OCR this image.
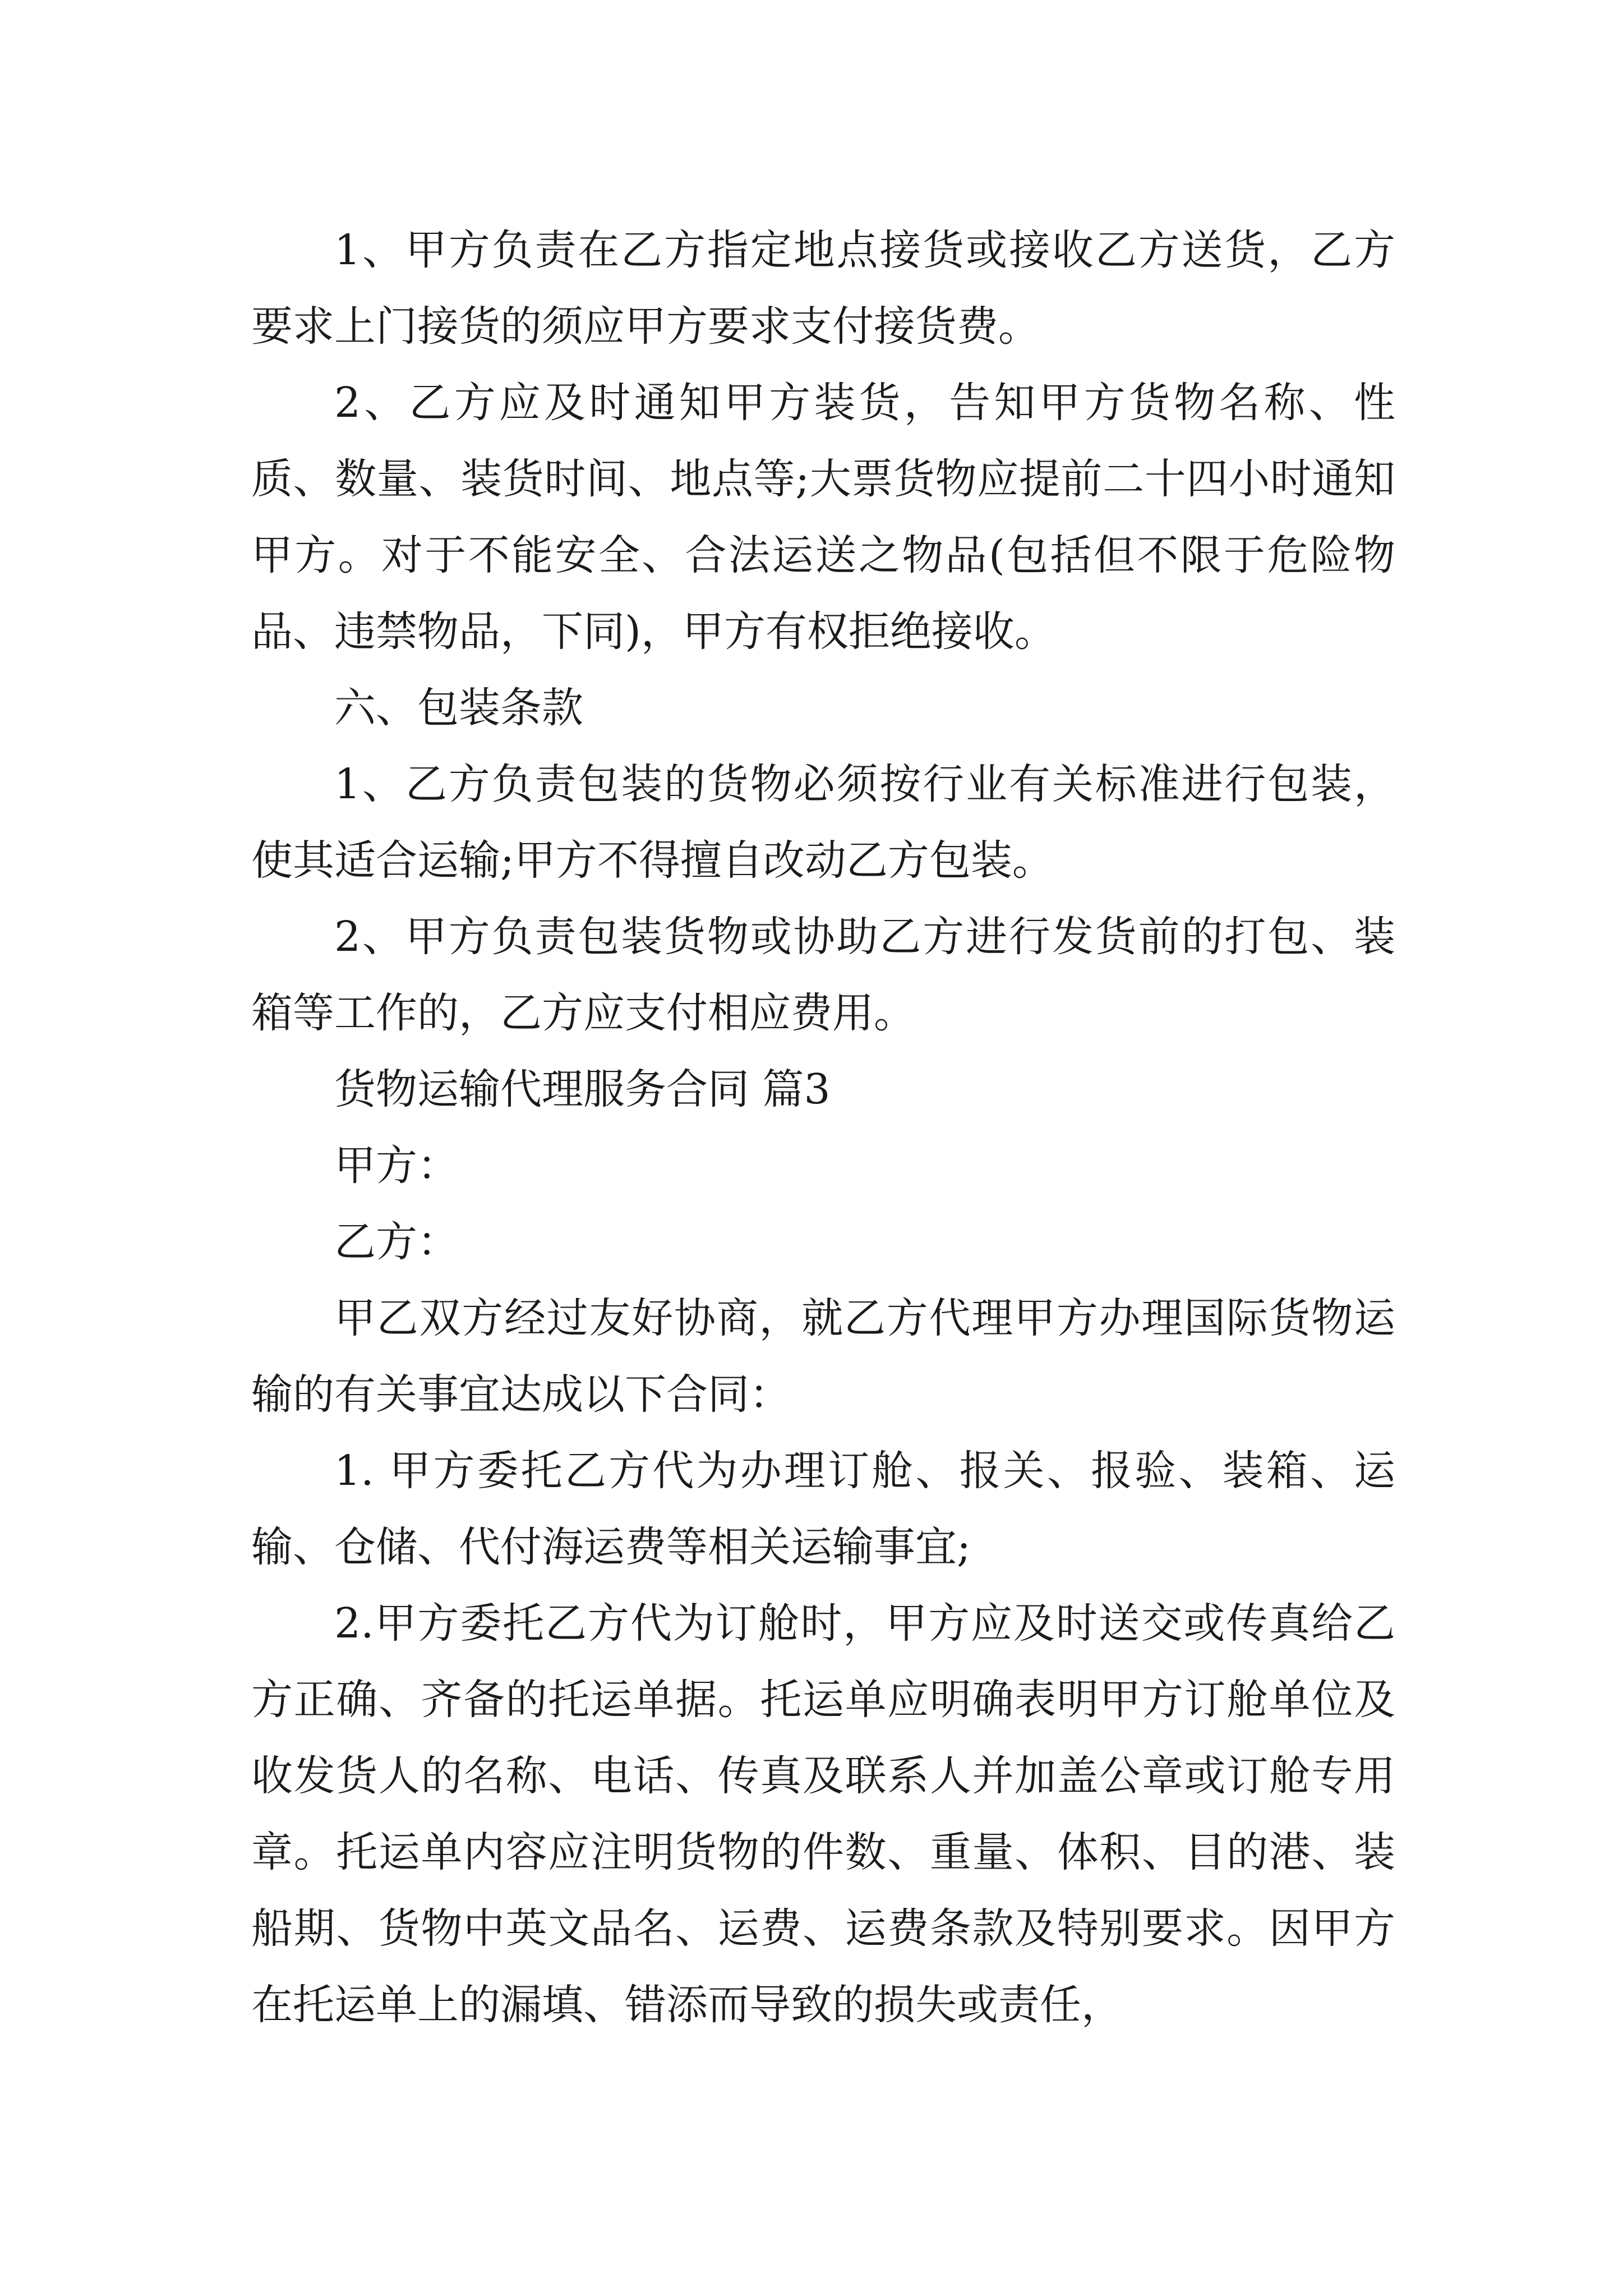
1、甲方负责在乙方指定地点接货或接收乙方送货，乙方要求上门接货的须应甲方要求支付接货费。

2、乙方应及时通知甲方装货，告知甲方货物名称、性质、数量、装货时间、地点等;大票货物应提前二十四小时通知甲方。对于不能安全、合法运送之物品(包括但不限于危险物品、违禁物品，下同)，甲方有权拒绝接收。

六、包装条款

1、乙方负责包装的货物必须按行业有关标准进行包装，使其适合运输;甲方不得擅自改动乙方包装。

2、甲方负责包装货物或协助乙方进行发货前的打包、装箱等工作的，乙方应支付相应费用。

货物运输代理服务合同 篇3

甲方：

乙方：

甲乙双方经过友好协商，就乙方代理甲方办理国际货物运输的有关事宜达成以下合同：

1. 甲方委托乙方代为办理订舱、报关、报验、装箱、运输、仓储、代付海运费等相关运输事宜;

2.甲方委托乙方代为订舱时，甲方应及时送交或传真给乙方正确、齐备的托运单据。托运单应明确表明甲方订舱单位及收发货人的名称、电话、传真及联系人并加盖公章或订舱专用章。托运单内容应注明货物的件数、重量、体积、目的港、装船期、货物中英文品名、运费、运费条款及特别要求。因甲方在托运单上的漏填、错添而导致的损失或责任，
